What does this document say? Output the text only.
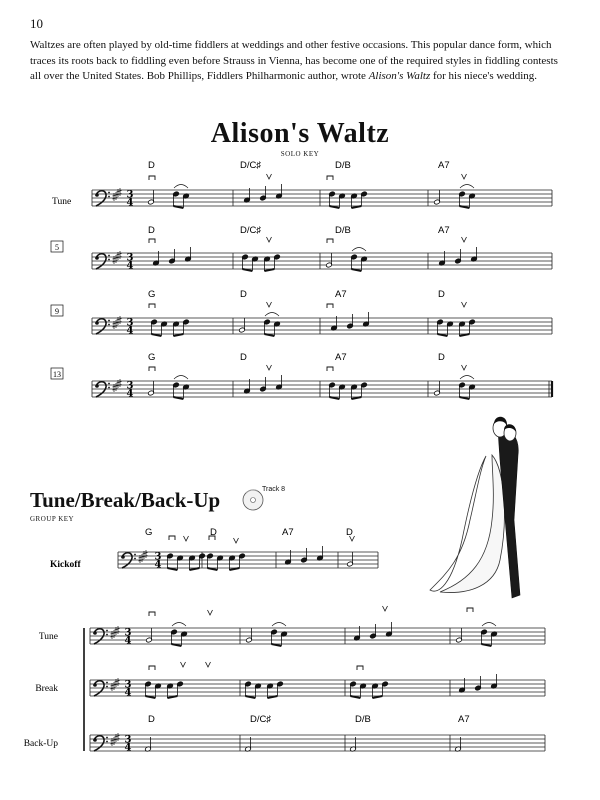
10
Waltzes are often played by old-time fiddlers at weddings and other festive occasions. This popular dance form, which traces its roots back to fiddling even before Strauss in Vienna, has become one of the required styles in fiddling contests all over the United States. Bob Phillips, Fiddlers Philharmonic author, wrote Alison's Waltz for his niece's wedding.
Alison's Waltz
SOLO KEY
Tune/Break/Back-Up
GROUP KEY
Track 8
3
4
D	D/C♯	D/B	A7
3
4
D	D/C♯	D/B	A7
3
4
G	D	A7	D
3
4
G	D	A7	D
Tune
5
9
13
3
4
G	D	A7	D
Kickoff
3
4
Tune
3
4
Break
3
4
Back-Up
D	D/C♯	D/B	A7
